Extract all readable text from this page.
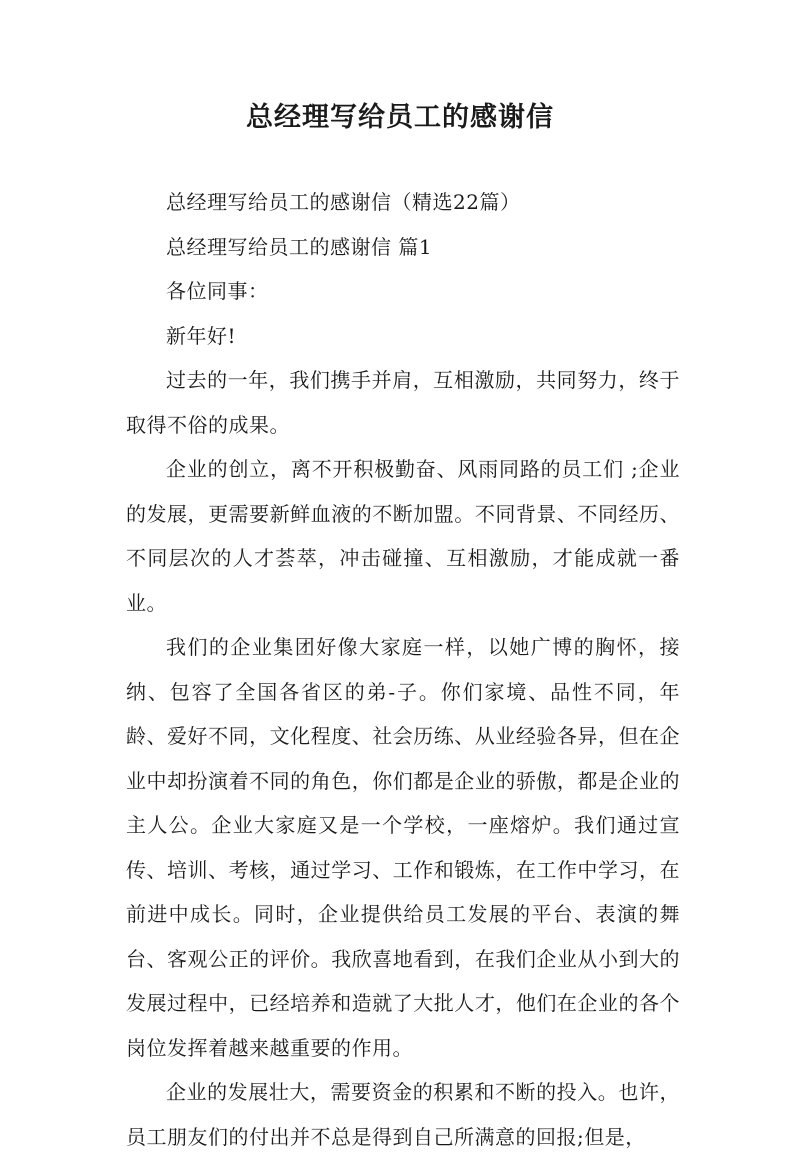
总经理写给员工的感谢信

总经理写给员工的感谢信（精选22篇）

总经理写给员工的感谢信 篇1

各位同事：

新年好!

过去的一年，我们携手并肩，互相激励，共同努力，终于取得不俗的成果。

企业的创立，离不开积极勤奋、风雨同路的员工们 ;企业的发展，更需要新鲜血液的不断加盟。不同背景、不同经历、不同层次的人才荟萃，冲击碰撞、互相激励，才能成就一番业。

我们的企业集团好像大家庭一样，以她广博的胸怀，接纳、包容了全国各省区的弟-子。你们家境、品性不同，年龄、爱好不同，文化程度、社会历练、从业经验各异，但在企业中却扮演着不同的角色，你们都是企业的骄傲，都是企业的主人公。企业大家庭又是一个学校，一座熔炉。我们通过宣传、培训、考核，通过学习、工作和锻炼，在工作中学习，在前进中成长。同时，企业提供给员工发展的平台、表演的舞台、客观公正的评价。我欣喜地看到，在我们企业从小到大的发展过程中，已经培养和造就了大批人才，他们在企业的各个岗位发挥着越来越重要的作用。

企业的发展壮大，需要资金的积累和不断的投入。也许，员工朋友们的付出并不总是得到自己所满意的回报;但是，
